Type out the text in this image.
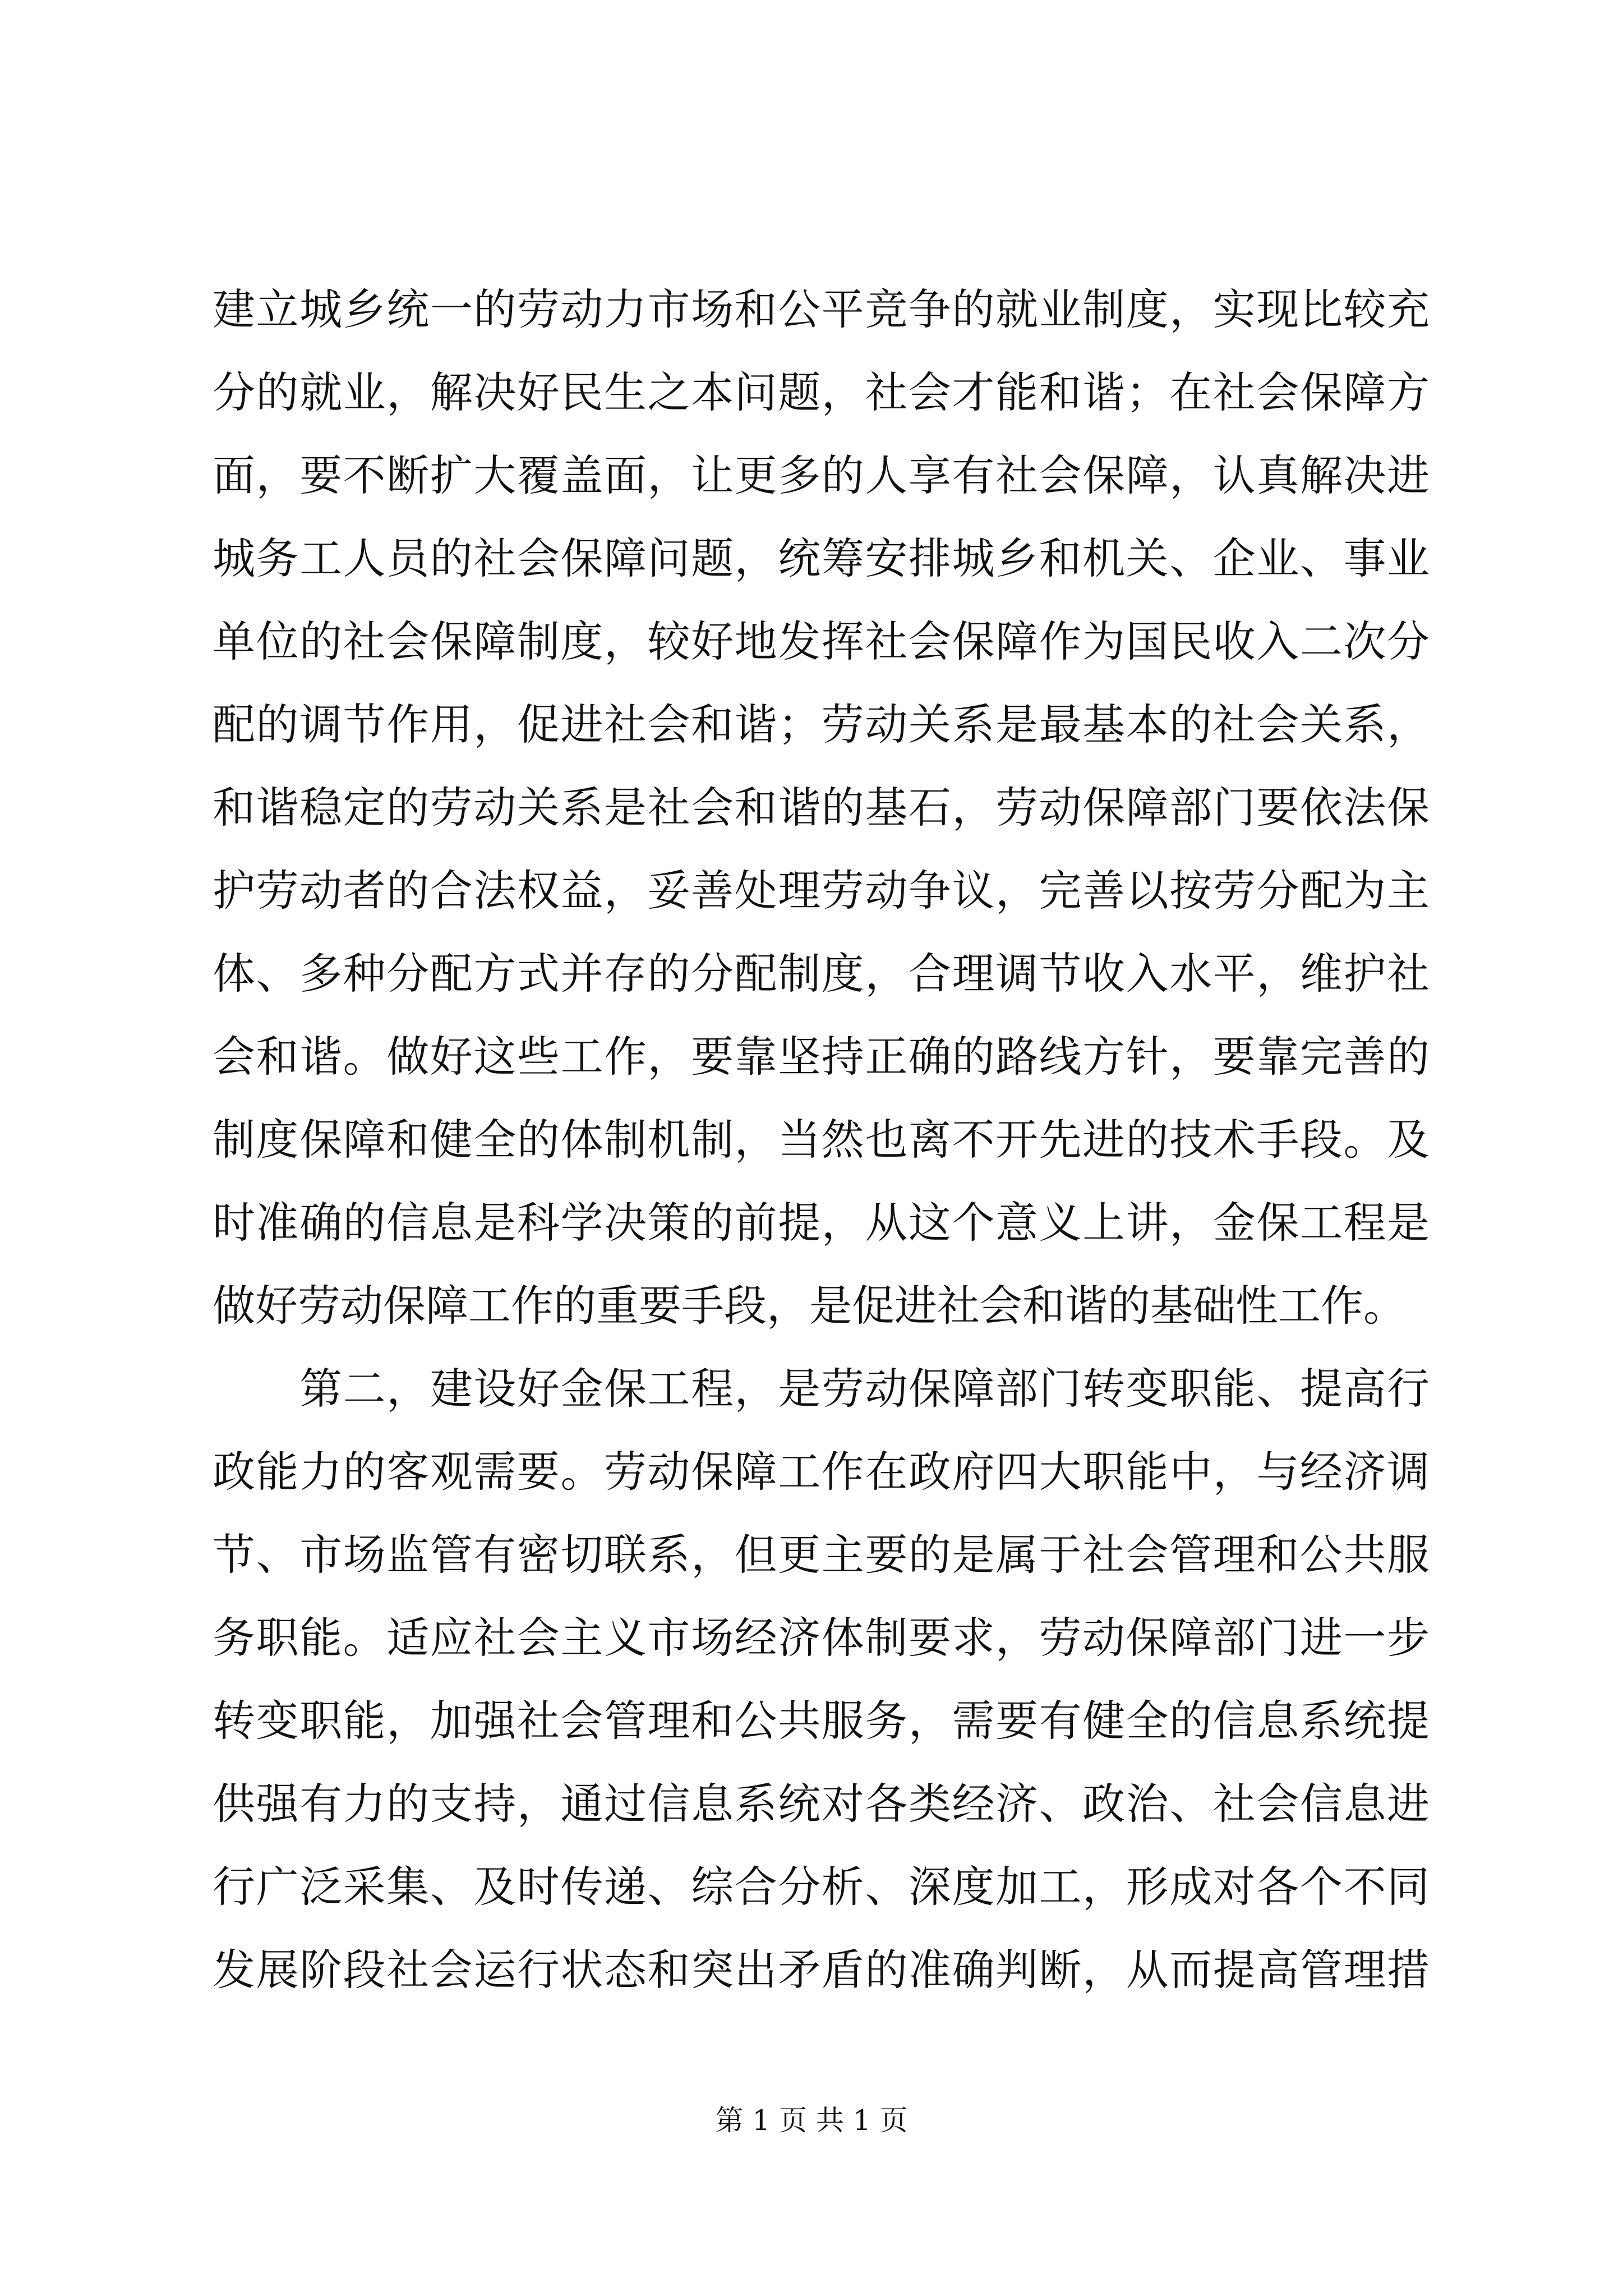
建立城乡统一的劳动力市场和公平竞争的就业制度，实现比较充
分的就业，解决好民生之本问题，社会才能和谐；在社会保障方
面，要不断扩大覆盖面，让更多的人享有社会保障，认真解决进
城务工人员的社会保障问题，统筹安排城乡和机关、企业、事业
单位的社会保障制度，较好地发挥社会保障作为国民收入二次分
配的调节作用，促进社会和谐；劳动关系是最基本的社会关系，
和谐稳定的劳动关系是社会和谐的基石，劳动保障部门要依法保
护劳动者的合法权益，妥善处理劳动争议，完善以按劳分配为主
体、多种分配方式并存的分配制度，合理调节收入水平，维护社
会和谐。做好这些工作，要靠坚持正确的路线方针，要靠完善的
制度保障和健全的体制机制，当然也离不开先进的技术手段。及
时准确的信息是科学决策的前提，从这个意义上讲，金保工程是
做好劳动保障工作的重要手段，是促进社会和谐的基础性工作。
　　第二，建设好金保工程，是劳动保障部门转变职能、提高行
政能力的客观需要。劳动保障工作在政府四大职能中，与经济调
节、市场监管有密切联系，但更主要的是属于社会管理和公共服
务职能。适应社会主义市场经济体制要求，劳动保障部门进一步
转变职能，加强社会管理和公共服务，需要有健全的信息系统提
供强有力的支持，通过信息系统对各类经济、政治、社会信息进
行广泛采集、及时传递、综合分析、深度加工，形成对各个不同
发展阶段社会运行状态和突出矛盾的准确判断，从而提高管理措
第 1 页 共 1 页
